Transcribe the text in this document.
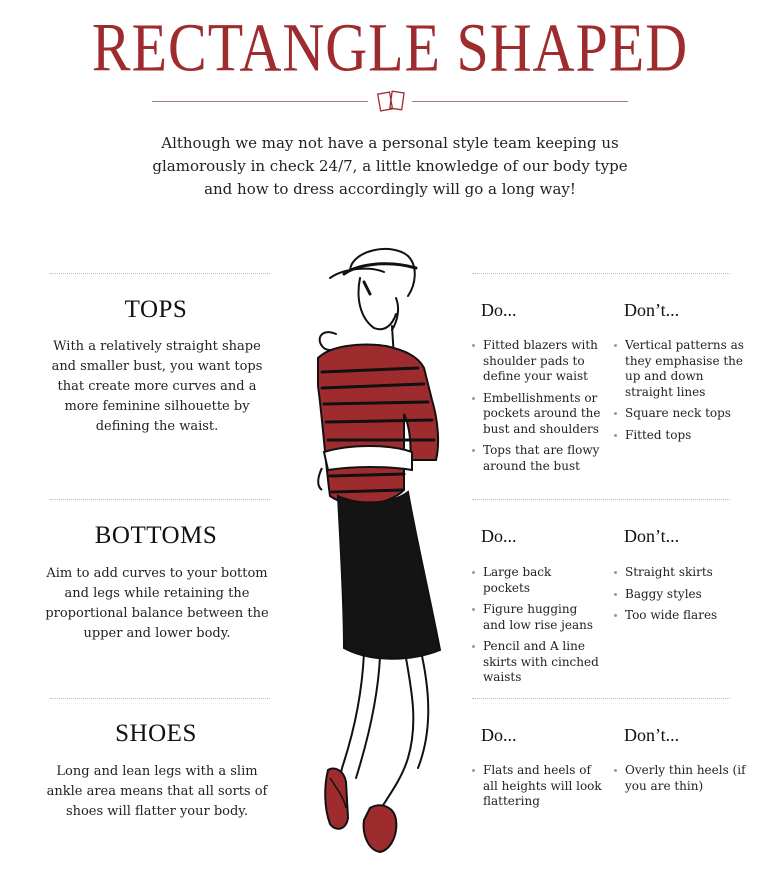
RECTANGLE SHAPED
Although we may not have a personal style team keeping us glamorously in check 24/7, a little knowledge of our body type and how to dress accordingly will go a long way!
TOPS
With a relatively straight shape and smaller bust, you want tops that create more curves and a more feminine silhouette by defining the waist.
Do...	Don’t...
Fitted blazers with shoulder pads to define your waist
Embellishments or pockets around the bust and shoulders
Tops that are flowy around the bust
Vertical patterns as they emphasise the up and down straight lines
Square neck tops
Fitted tops
BOTTOMS
Aim to add curves to your bottom and legs while retaining the proportional balance between the upper and lower body.
Do...	Don’t...
Large back pockets
Figure hugging and low rise jeans
Pencil and A line skirts with cinched waists
Straight skirts
Baggy styles
Too wide flares
SHOES
Long and lean legs with a slim ankle area means that all sorts of shoes will flatter your body.
Do...	Don’t...
Flats and heels of all heights will look flattering
Overly thin heels (if you are thin)
